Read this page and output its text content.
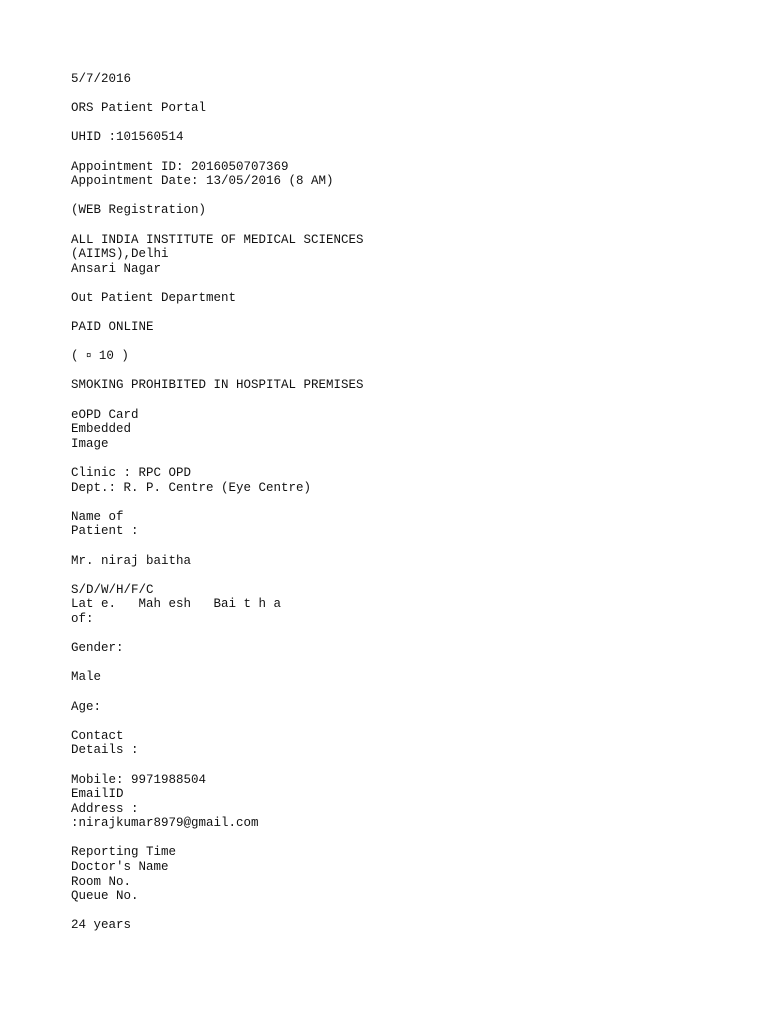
5/7/2016
ORS Patient Portal
UHID :101560514
Appointment ID: 2016050707369
Appointment Date: 13/05/2016 (8 AM)
(WEB Registration)
ALL INDIA INSTITUTE OF MEDICAL SCIENCES
(AIIMS),Delhi
Ansari Nagar
Out Patient Department
PAID ONLINE
( ¤ 10 )
SMOKING PROHIBITED IN HOSPITAL PREMISES
eOPD Card
Embedded
Image
Clinic : RPC OPD
Dept.: R. P. Centre (Eye Centre)
Name of
Patient :
Mr. niraj baitha
S/D/W/H/F/C
Lat e.   Mah esh   Bai t h a
of:
Gender:
Male
Age:
Contact
Details :
Mobile: 9971988504
EmailID
Address :
:nirajkumar8979@gmail.com
Reporting Time
Doctor's Name
Room No.
Queue No.
24 years
